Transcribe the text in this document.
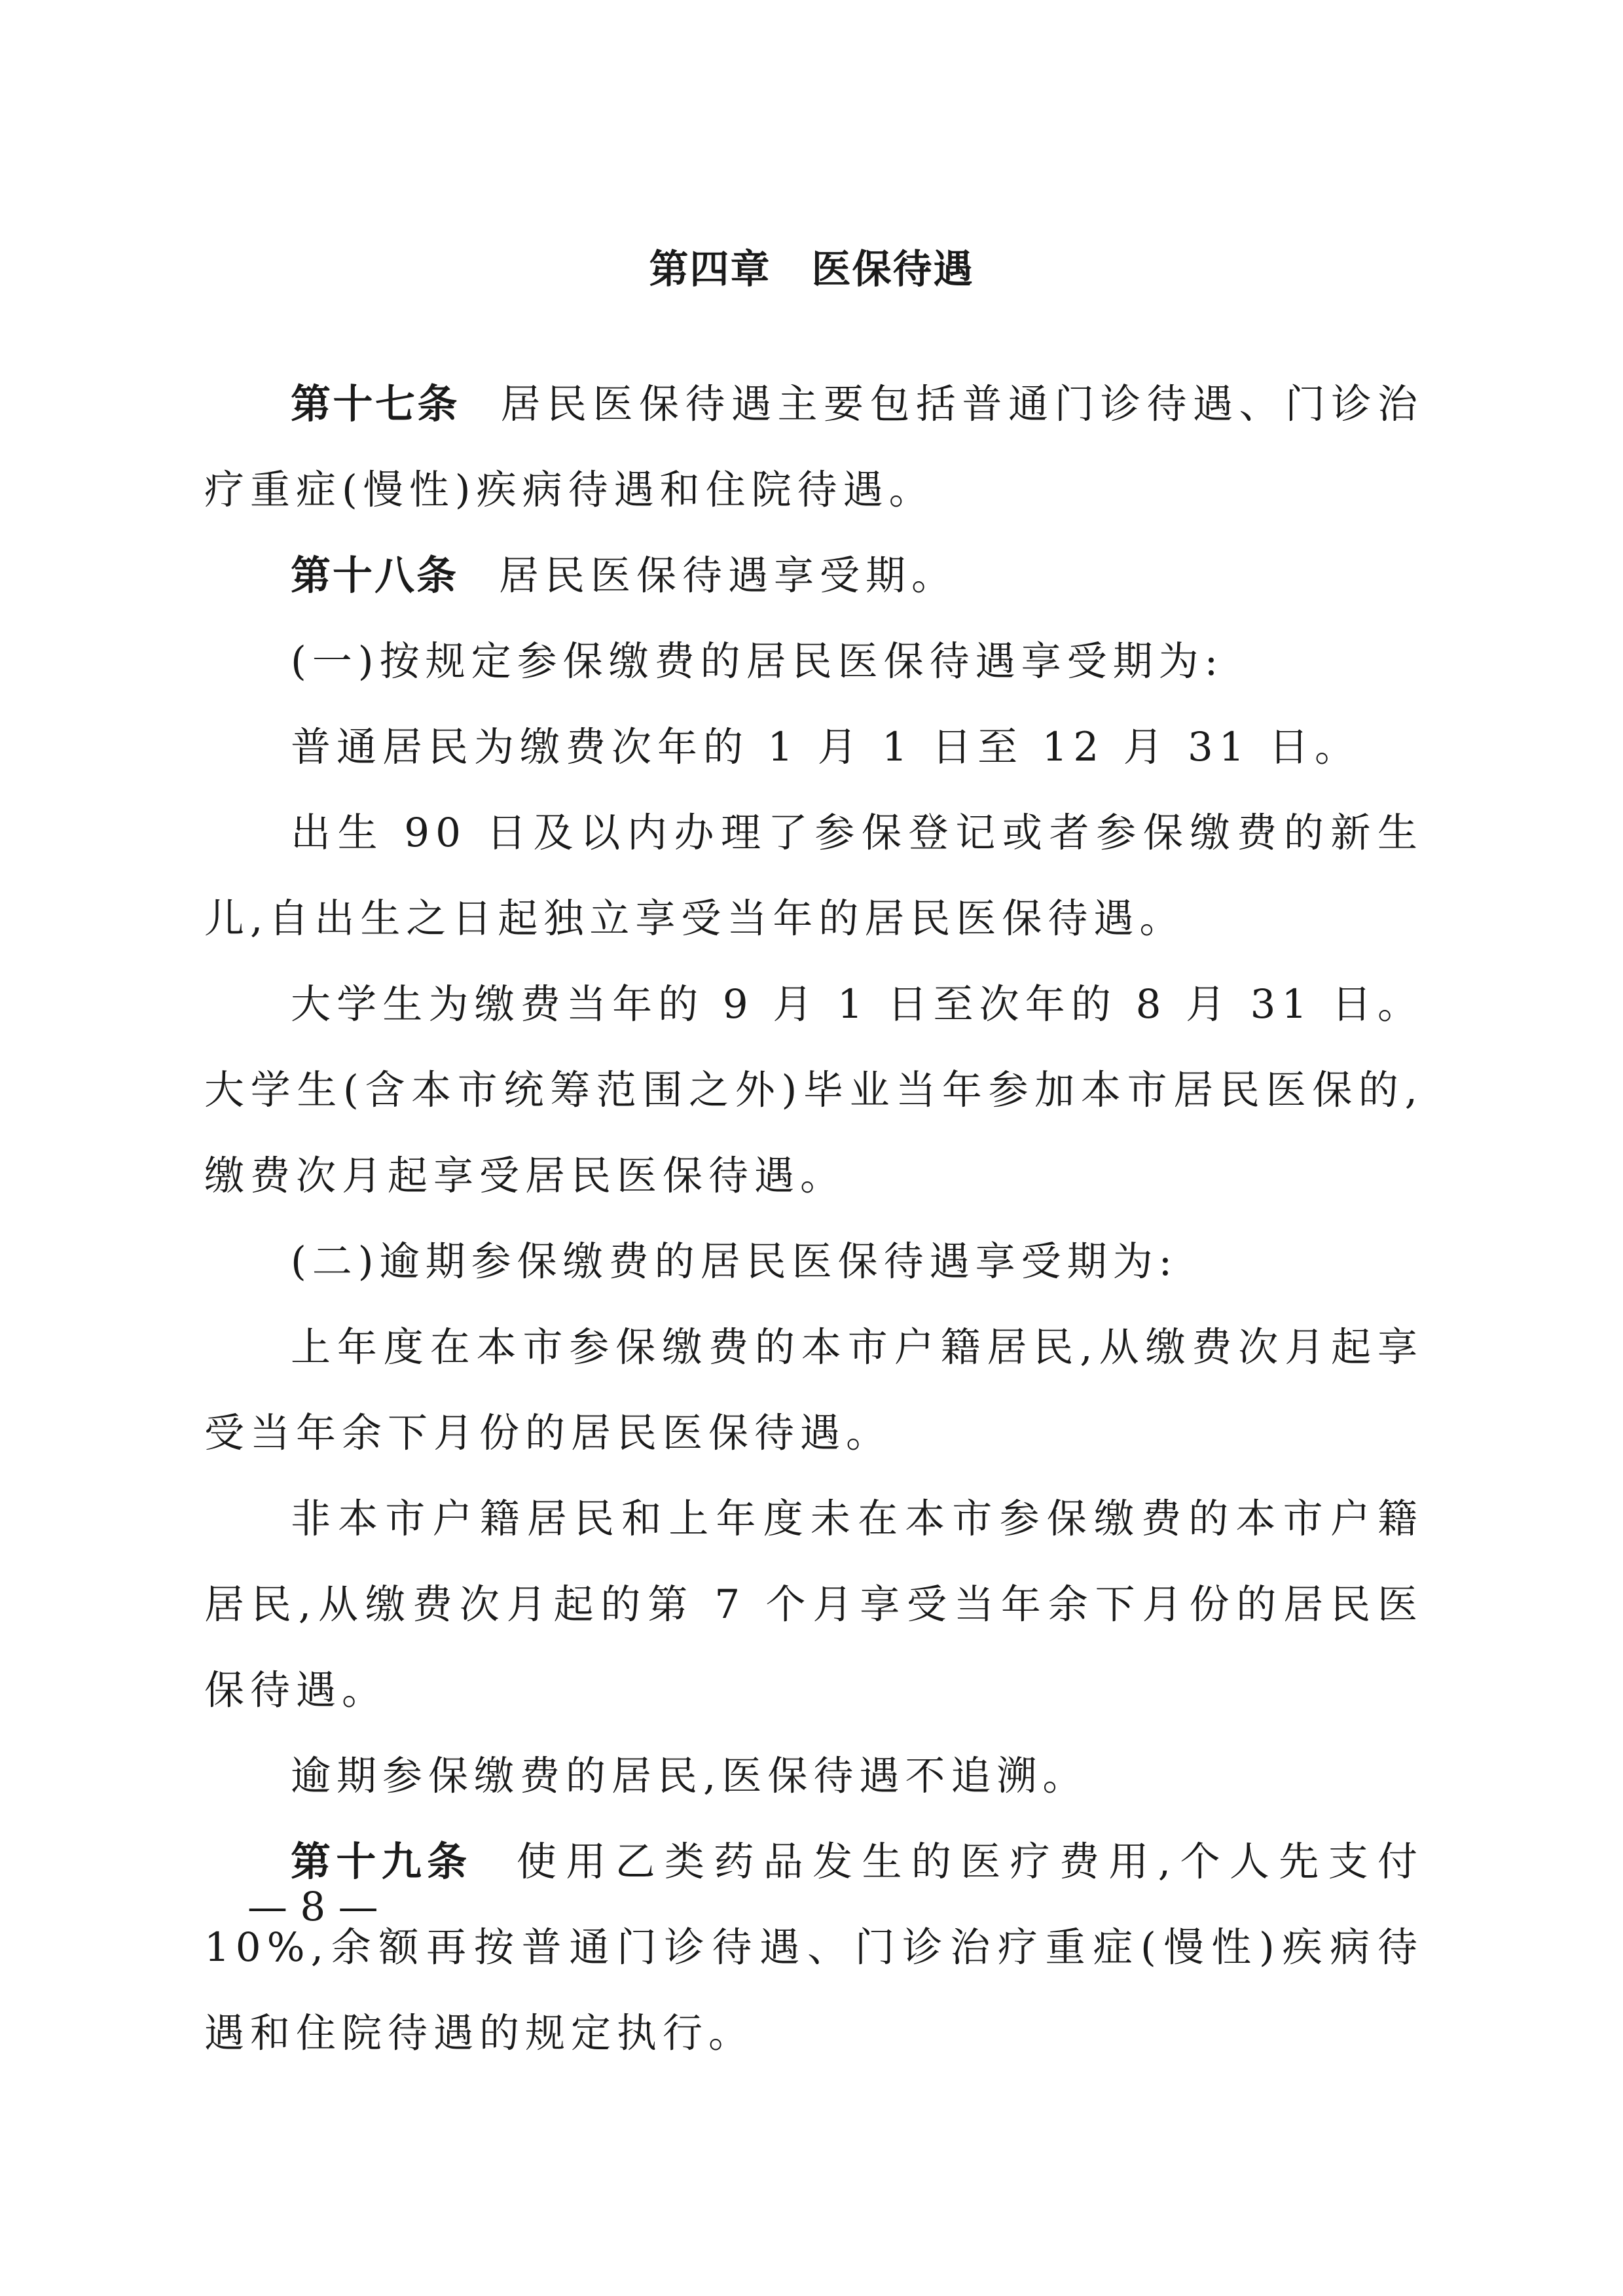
第四章　医保待遇

第十七条 居民医保待遇主要包括普通门诊待遇、门诊治疗重症(慢性)疾病待遇和住院待遇。

第十八条 居民医保待遇享受期。

(一)按规定参保缴费的居民医保待遇享受期为:

普通居民为缴费次年的 1 月 1 日至 12 月 31 日。

出生 90 日及以内办理了参保登记或者参保缴费的新生儿,自出生之日起独立享受当年的居民医保待遇。

大学生为缴费当年的 9 月 1 日至次年的 8 月 31 日。大学生(含本市统筹范围之外)毕业当年参加本市居民医保的,缴费次月起享受居民医保待遇。

(二)逾期参保缴费的居民医保待遇享受期为:

上年度在本市参保缴费的本市户籍居民,从缴费次月起享受当年余下月份的居民医保待遇。

非本市户籍居民和上年度未在本市参保缴费的本市户籍居民,从缴费次月起的第 7 个月享受当年余下月份的居民医保待遇。

逾期参保缴费的居民,医保待遇不追溯。

第十九条 使用乙类药品发生的医疗费用,个人先支付 10%,余额再按普通门诊待遇、门诊治疗重症(慢性)疾病待遇和住院待遇的规定执行。

— 8 —
